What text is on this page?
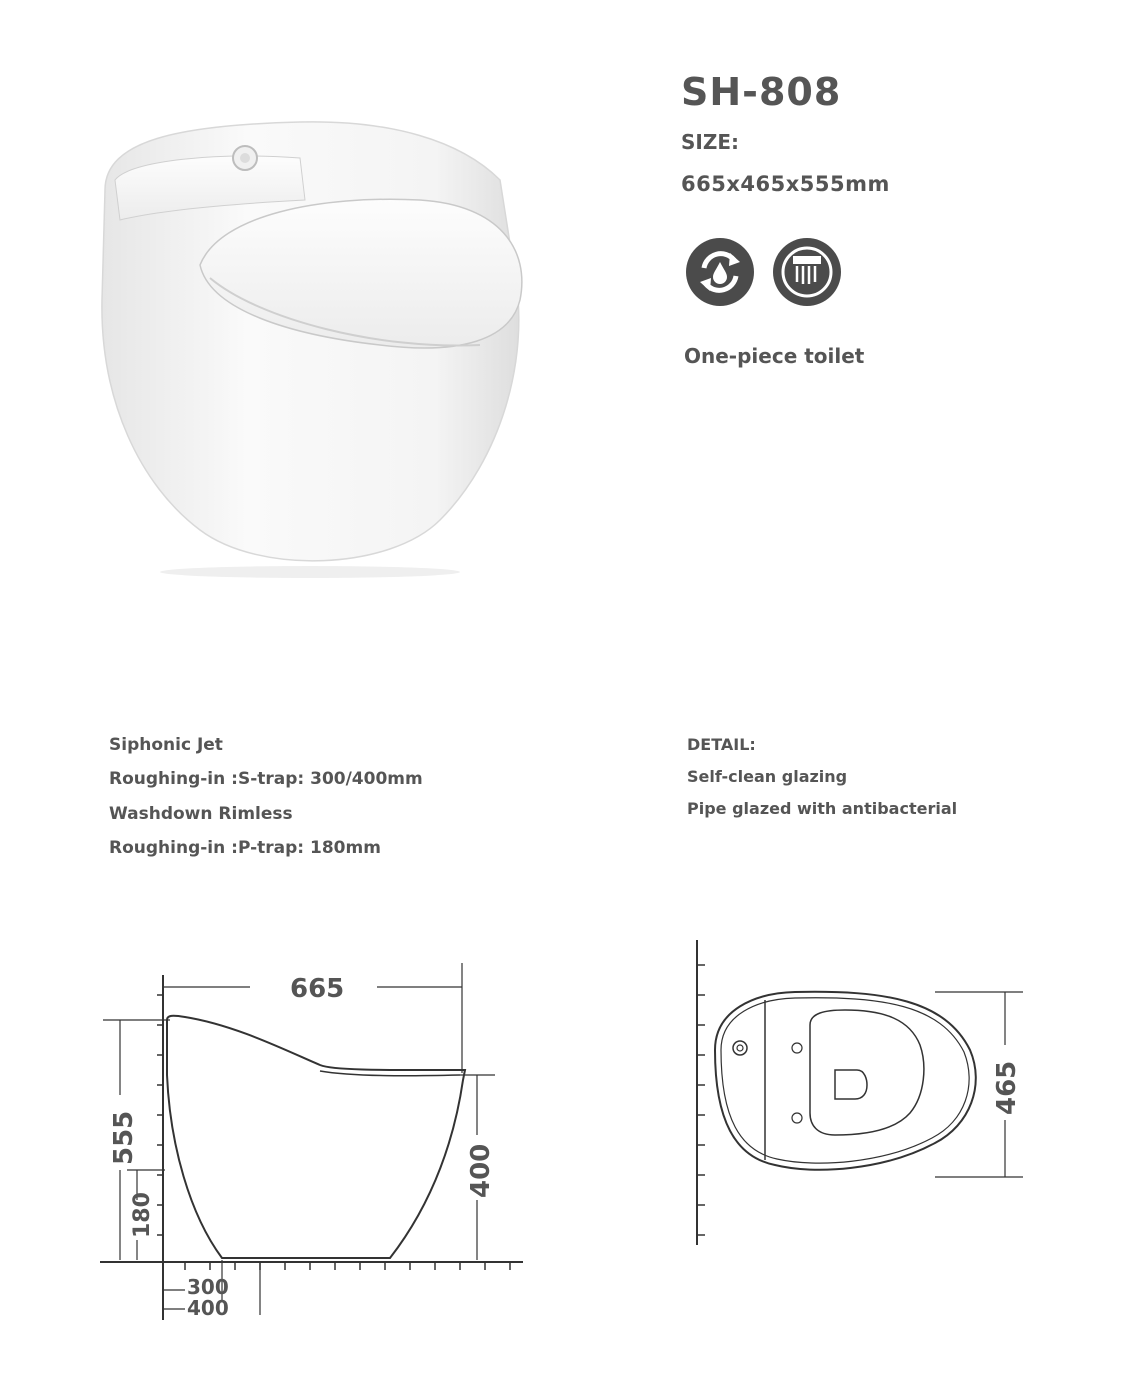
SH-808
SIZE:
665x465x555mm
One-piece toilet
Siphonic Jet
Roughing-in :S-trap: 300/400mm
Washdown Rimless
Roughing-in :P-trap: 180mm
DETAIL:
Self-clean glazing
Pipe glazed with antibacterial
665
555
180
400
300
400
465
